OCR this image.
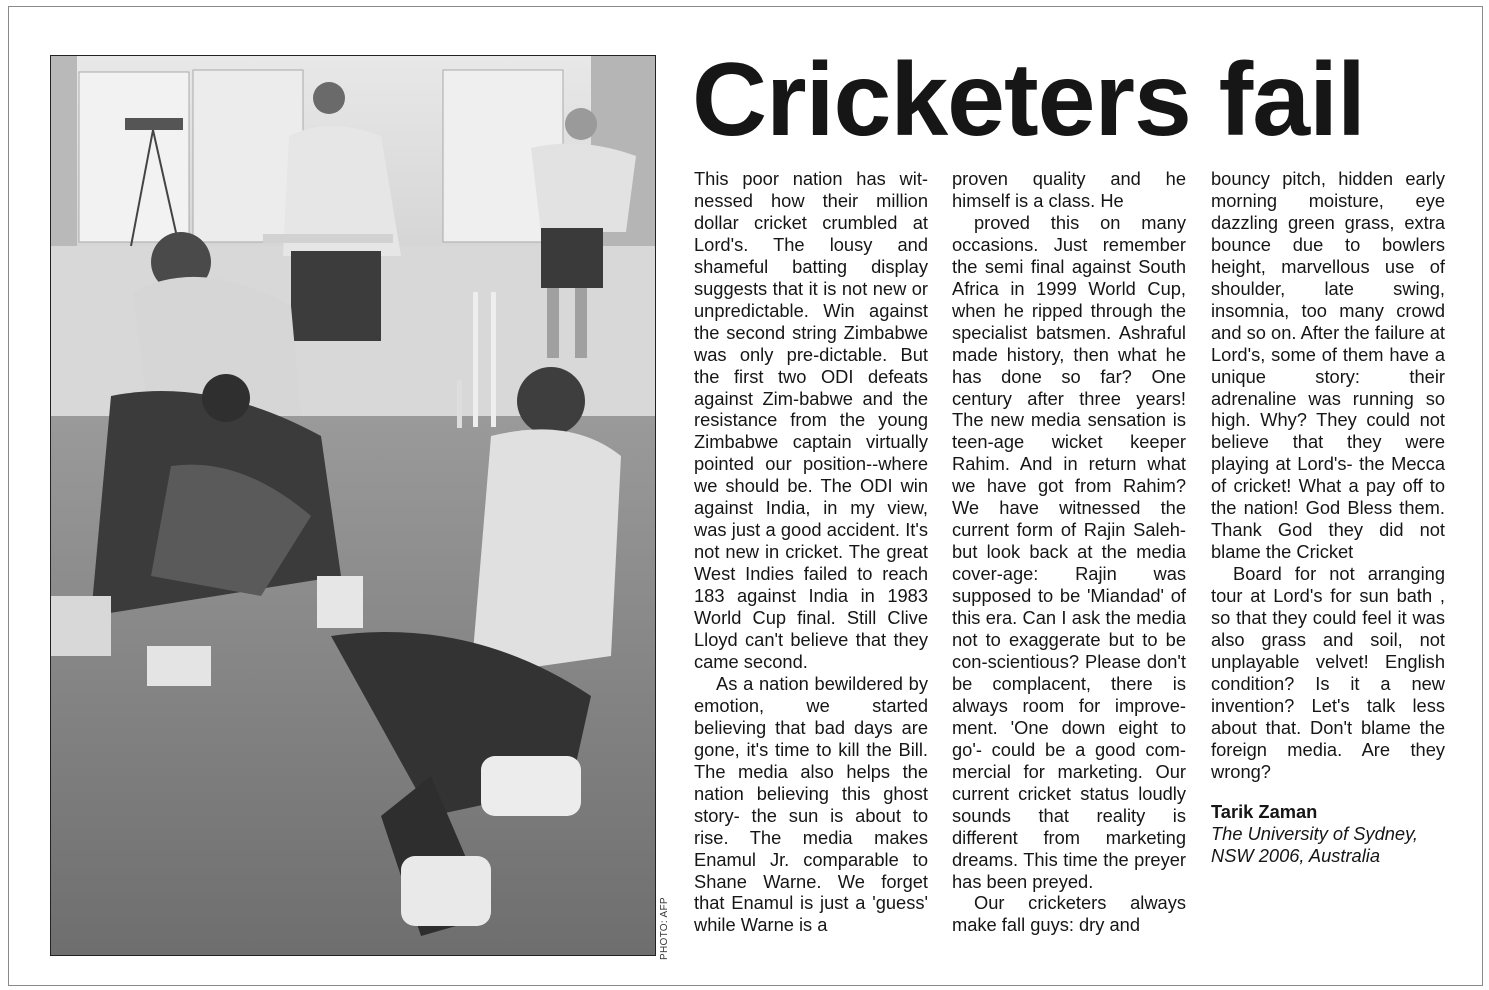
PHOTO: AFP
Cricketers fail

This poor nation has wit-nessed how their million dollar cricket crumbled at Lord's. The lousy and shameful batting display suggests that it is not new or unpredictable. Win against the second string Zimbabwe was only pre-dictable. But the first two ODI defeats against Zim-babwe and the resistance from the young Zimbabwe captain virtually pointed our position--where we should be. The ODI win against India, in my view, was just a good accident. It's not new in cricket. The great West Indies failed to reach 183 against India in 1983 World Cup final. Still Clive Lloyd can't believe that they came second.

As a nation bewildered by emotion, we started believing that bad days are gone, it's time to kill the Bill. The media also helps the nation believing this ghost story- the sun is about to rise. The media makes Enamul Jr. comparable to Shane Warne. We forget that Enamul is just a 'guess' while Warne is a

proven quality and he himself is a class. He

proved this on many occasions. Just remember the semi final against South Africa in 1999 World Cup, when he ripped through the specialist batsmen. Ashraful made history, then what he has done so far? One century after three years! The new media sensation is teen-age wicket keeper Rahim. And in return what we have got from Rahim? We have witnessed the current form of Rajin Saleh- but look back at the media cover-age: Rajin was supposed to be 'Miandad' of this era. Can I ask the media not to exaggerate but to be con-scientious? Please don't be complacent, there is always room for improve-ment. 'One down eight to go'- could be a good com-mercial for marketing. Our current cricket status loudly sounds that reality is different from marketing dreams. This time the preyer has been preyed.

Our cricketers always make fall guys: dry and

bouncy pitch, hidden early morning moisture, eye dazzling green grass, extra bounce due to bowlers height, marvellous use of shoulder, late swing, insomnia, too many crowd and so on. After the failure at Lord's, some of them have a unique story: their adrenaline was running so high. Why? They could not believe that they were playing at Lord's- the Mecca of cricket! What a pay off to the nation! God Bless them. Thank God they did not blame the Cricket

Board for not arranging tour at Lord's for sun bath , so that they could feel it was also grass and soil, not unplayable velvet! English condition? Is it a new invention? Let's talk less about that. Don't blame the foreign media. Are they wrong?

Tarik Zaman

The University of Sydney,

NSW 2006, Australia
